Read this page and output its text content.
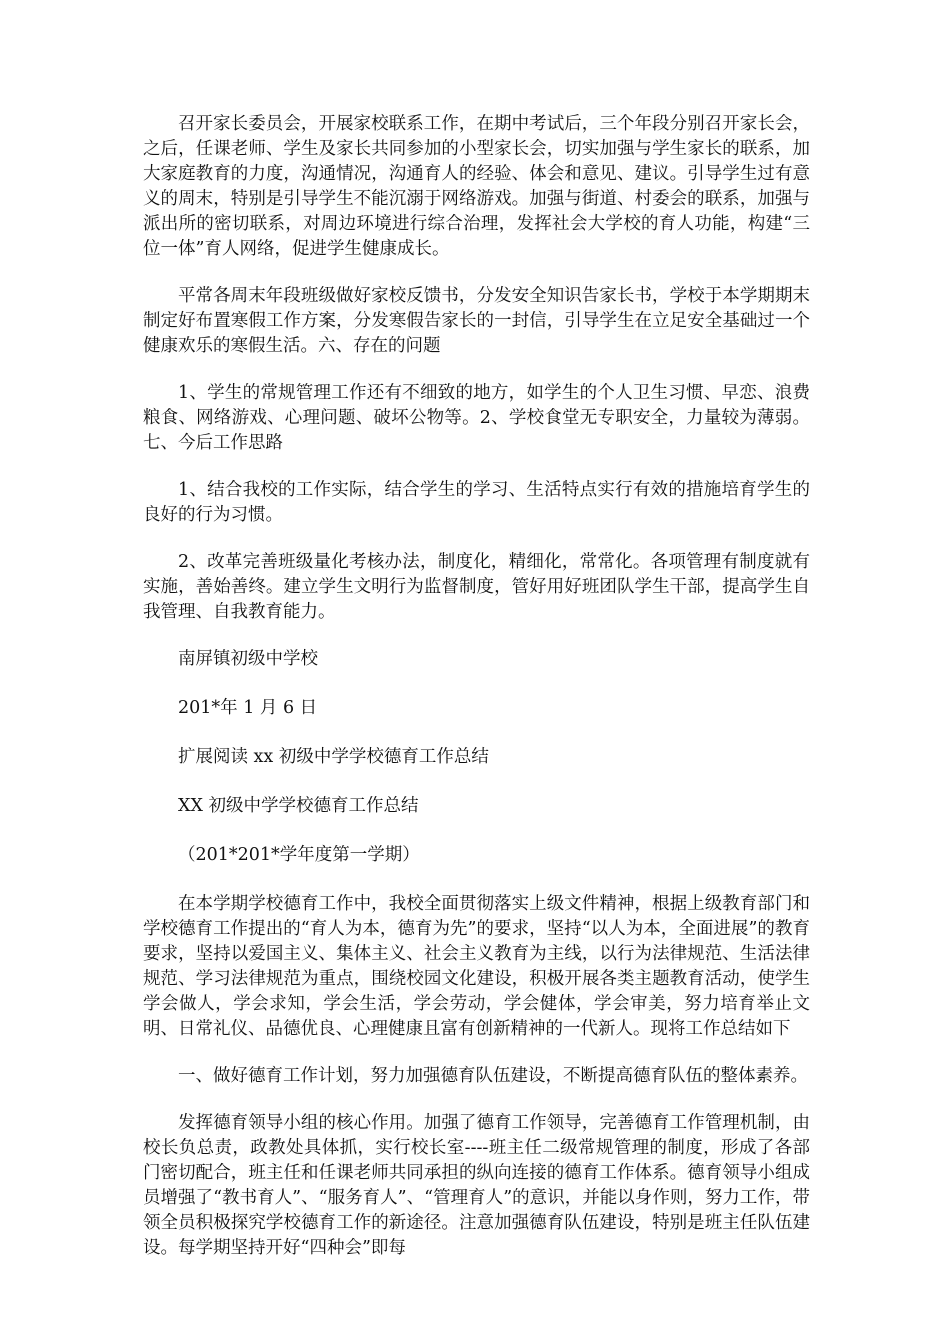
召开家长委员会，开展家校联系工作，在期中考试后，三个年段分别召开家长会，之后，任课老师、学生及家长共同参加的小型家长会，切实加强与学生家长的联系，加大家庭教育的力度，沟通情况，沟通育人的经验、体会和意见、建议。引导学生过有意义的周末，特别是引导学生不能沉溺于网络游戏。加强与街道、村委会的联系，加强与派出所的密切联系，对周边环境进行综合治理，发挥社会大学校的育人功能，构建“三位一体”育人网络，促进学生健康成长。

平常各周末年段班级做好家校反馈书，分发安全知识告家长书，学校于本学期期末制定好布置寒假工作方案，分发寒假告家长的一封信，引导学生在立足安全基础过一个健康欢乐的寒假生活。六、存在的问题

1、学生的常规管理工作还有不细致的地方，如学生的个人卫生习惯、早恋、浪费粮食、网络游戏、心理问题、破坏公物等。2、学校食堂无专职安全，力量较为薄弱。七、今后工作思路

1、结合我校的工作实际，结合学生的学习、生活特点实行有效的措施培育学生的良好的行为习惯。

2、改革完善班级量化考核办法，制度化，精细化，常常化。各项管理有制度就有实施，善始善终。建立学生文明行为监督制度，管好用好班团队学生干部，提高学生自我管理、自我教育能力。

南屏镇初级中学校

201*年 1 月 6 日

扩展阅读 xx 初级中学学校德育工作总结

XX 初级中学学校德育工作总结

（201*201*学年度第一学期）

在本学期学校德育工作中，我校全面贯彻落实上级文件精神，根据上级教育部门和学校德育工作提出的“育人为本，德育为先”的要求，坚持“以人为本，全面进展”的教育要求，坚持以爱国主义、集体主义、社会主义教育为主线，以行为法律规范、生活法律规范、学习法律规范为重点，围绕校园文化建设，积极开展各类主题教育活动，使学生学会做人，学会求知，学会生活，学会劳动，学会健体，学会审美，努力培育举止文明、日常礼仪、品德优良、心理健康且富有创新精神的一代新人。现将工作总结如下

一、做好德育工作计划，努力加强德育队伍建设，不断提高德育队伍的整体素养。

发挥德育领导小组的核心作用。加强了德育工作领导，完善德育工作管理机制，由校长负总责，政教处具体抓，实行校长室----班主任二级常规管理的制度，形成了各部门密切配合，班主任和任课老师共同承担的纵向连接的德育工作体系。德育领导小组成员增强了“教书育人”、“服务育人”、“管理育人”的意识，并能以身作则，努力工作，带领全员积极探究学校德育工作的新途径。注意加强德育队伍建设，特别是班主任队伍建设。每学期坚持开好“四种会”即每
